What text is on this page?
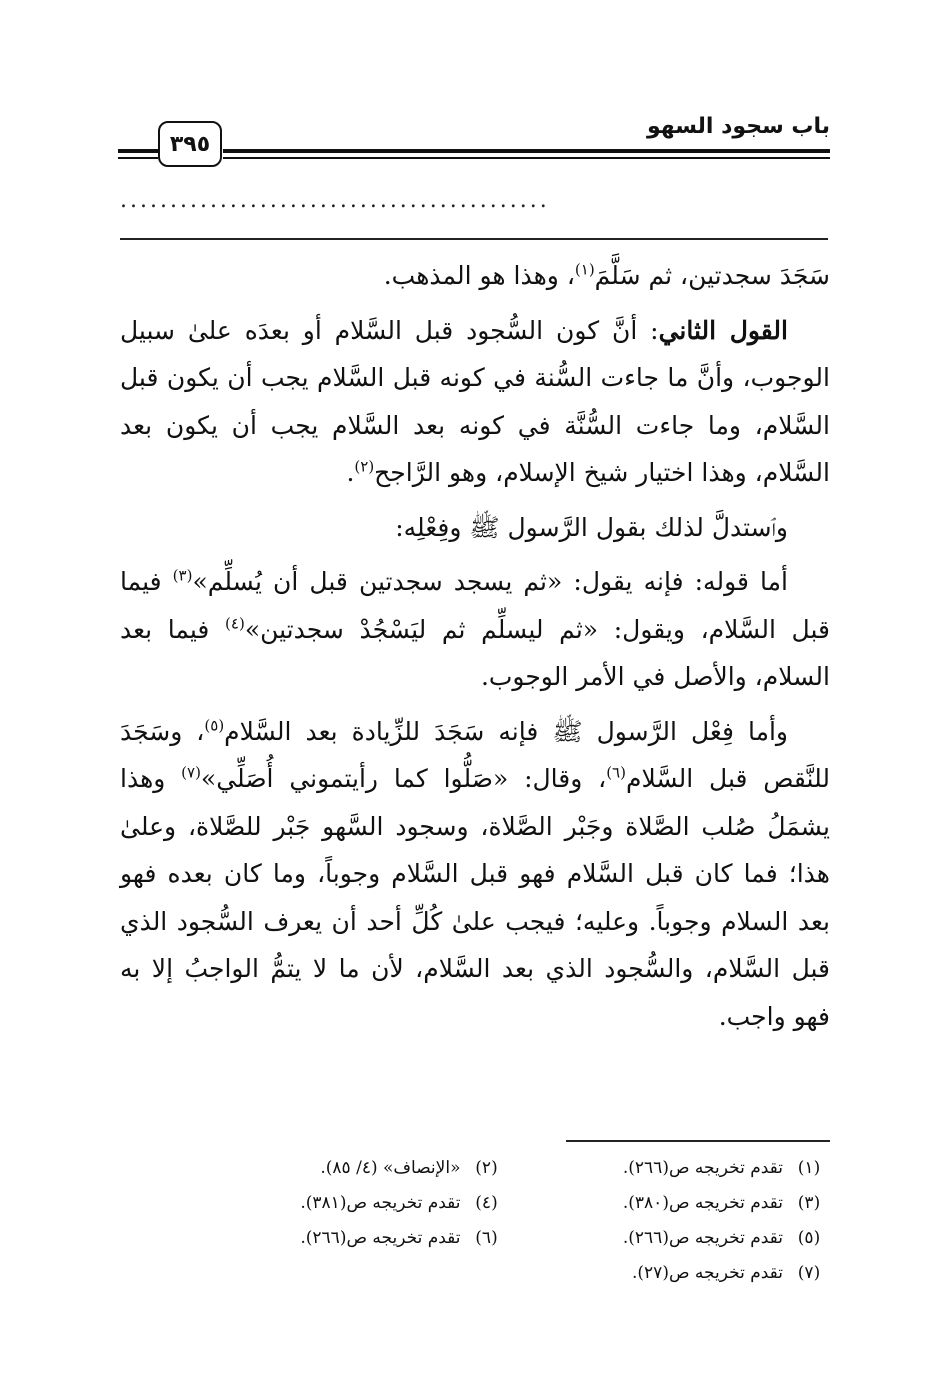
باب سجود السهو
٣٩٥
...........................................

سَجَدَ سجدتين، ثم سَلَّمَ$^{(١)}$، وهذا هو المذهب.

القول الثاني: أنَّ كون السُّجود قبل السَّلام أو بعدَه علىٰ سبيل الوجوب، وأنَّ ما جاءت السُّنة في كونه قبل السَّلام يجب أن يكون قبل السَّلام، وما جاءت السُّنَّة في كونه بعد السَّلام يجب أن يكون بعد السَّلام، وهذا اختيار شيخ الإسلام، وهو الرَّاجح$^{(٢)}$.

وٱستدلَّ لذلك بقول الرَّسول ﷺ وفِعْلِه:

أما قوله: فإنه يقول: «ثم يسجد سجدتين قبل أن يُسلِّم»$^{(٣)}$ فيما قبل السَّلام، ويقول: «ثم ليسلِّم ثم ليَسْجُدْ سجدتين»$^{(٤)}$ فيما بعد السلام، والأصل في الأمر الوجوب.

وأما فِعْل الرَّسول ﷺ فإنه سَجَدَ للزِّيادة بعد السَّلام$^{(٥)}$، وسَجَدَ للنَّقص قبل السَّلام$^{(٦)}$، وقال: «صَلُّوا كما رأيتموني أُصَلِّي»$^{(٧)}$ وهذا يشمَلُ صُلب الصَّلاة وجَبْر الصَّلاة، وسجود السَّهو جَبْر للصَّلاة، وعلىٰ هذا؛ فما كان قبل السَّلام فهو قبل السَّلام وجوباً، وما كان بعده فهو بعد السلام وجوباً. وعليه؛ فيجب علىٰ كُلِّ أحد أن يعرف السُّجود الذي قبل السَّلام، والسُّجود الذي بعد السَّلام، لأن ما لا يتمُّ الواجبُ إلا به فهو واجب.

(١)
تقدم تخريجه ص(٢٦٦).
(٢)
«الإنصاف» (٤/ ٨٥).
(٣)
تقدم تخريجه ص(٣٨٠).
(٤)
تقدم تخريجه ص(٣٨١).
(٥)
تقدم تخريجه ص(٢٦٦).
(٦)
تقدم تخريجه ص(٢٦٦).
(٧)
تقدم تخريجه ص(٢٧).
